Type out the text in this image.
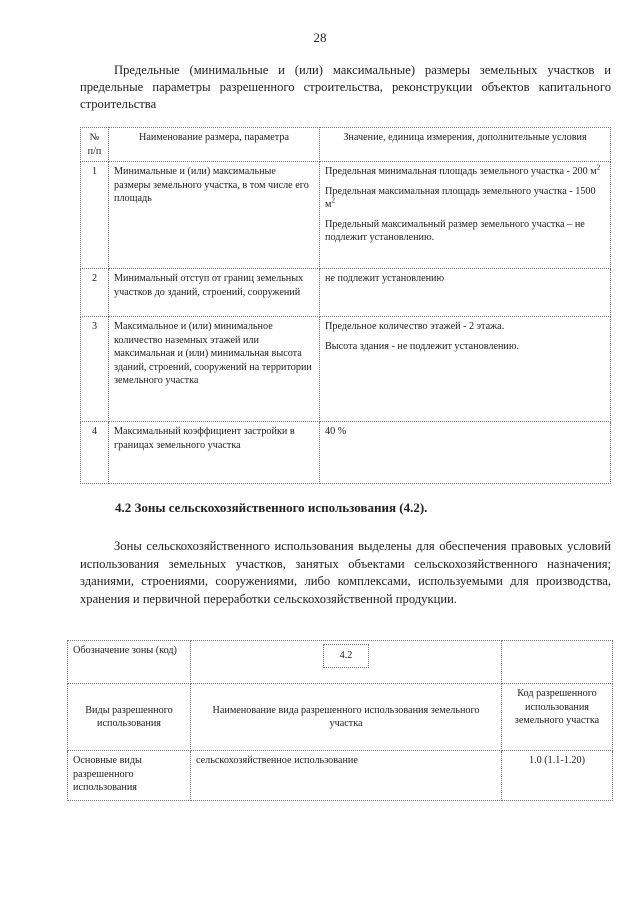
28
Предельные (минимальные и (или) максимальные) размеры земельных участков и предельные параметры разрешенного строительства, реконструкции объектов капитального строительства
№ п/п	Наименование размера, параметра	Значение, единица измерения, дополнительные условия
1	Минимальные и (или) максимальные размеры земельного участка, в том числе его площадь	Предельная минимальная площадь земельного участка - 200 $м^2$

Предельная максимальная площадь земельного участка - 1500 $м^2$

Предельный максимальный размер земельного участка – не подлежит установлению.

2	Минимальный отступ от границ земельных участков до зданий, строений, сооружений	не подлежит установлению

3	Максимальное и (или) минимальное количество наземных этажей или максимальная и (или) минимальная высота зданий, строений, сооружений на территории земельного участка	Предельное количество этажей - 2 этажа.

Высота здания - не подлежит установлению.

4	Максимальный коэффициент застройки в границах земельного участка	40 %

4.2 Зоны сельскохозяйственного использования (4.2).
Зоны сельскохозяйственного использования выделены для обеспечения правовых условий использования земельных участков, занятых объектами сельскохозяйственного назначения; зданиями, строениями, сооружениями, либо комплексами, используемыми для производства, хранения и первичной переработки сельскохозяйственной продукции.
Обозначение зоны (код)	4.2	
Виды разрешенного использования	Наименование вида разрешенного использования земельного участка	Код разрешенного использования земельного участка
Основные виды разрешенного использования	сельскохозяйственное использование	1.0 (1.1-1.20)
